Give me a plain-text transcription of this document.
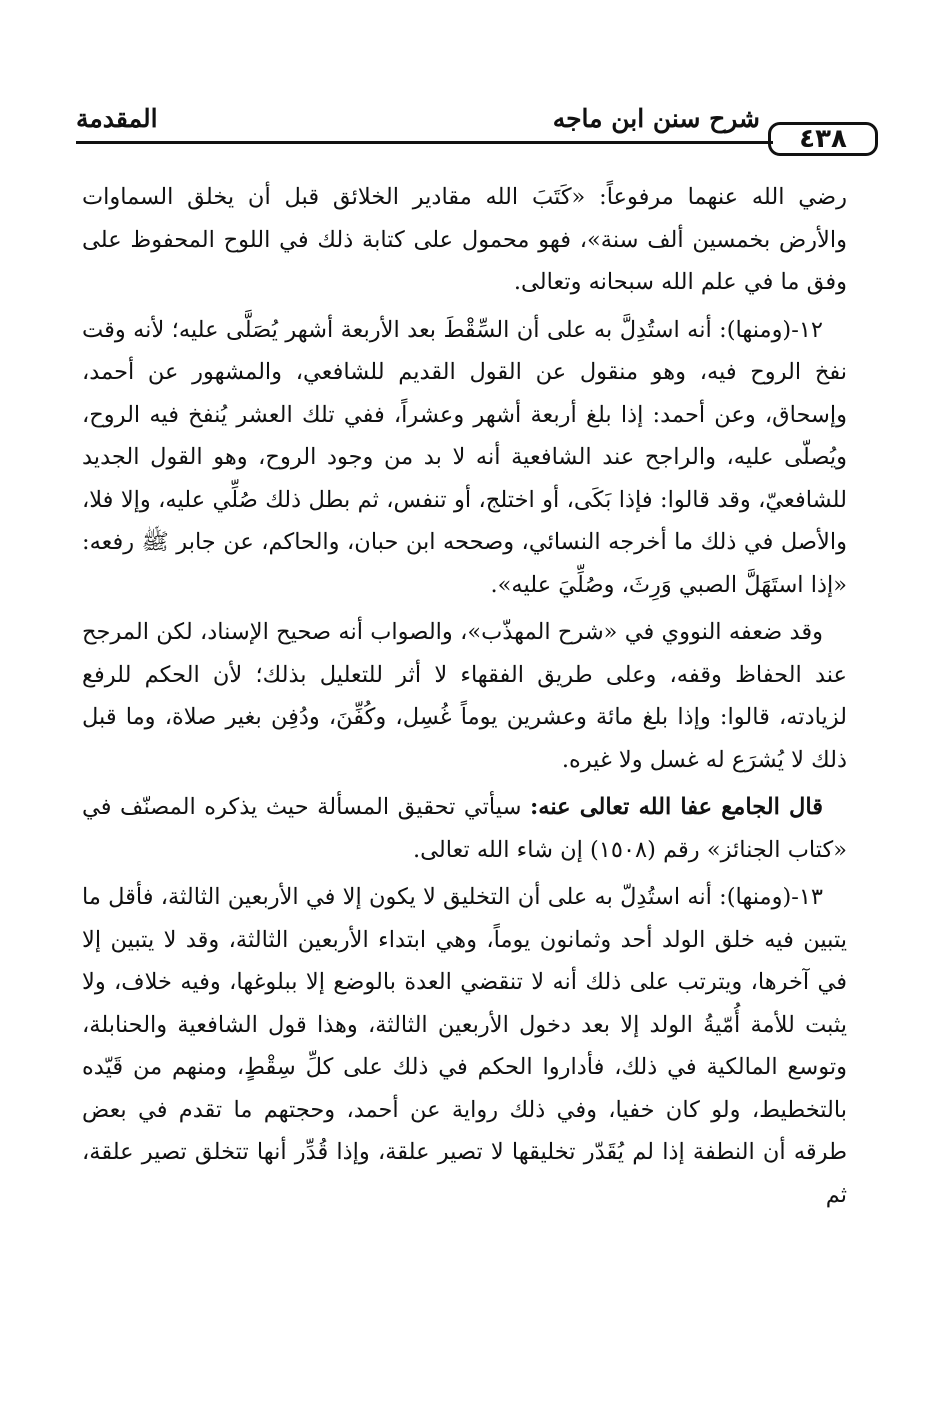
٤٣٨
شرح سنن ابن ماجه
المقدمة

رضي الله عنهما مرفوعاً: «كَتَبَ الله مقادير الخلائق قبل أن يخلق السماوات والأرض بخمسين ألف سنة»، فهو محمول على كتابة ذلك في اللوح المحفوظ على وفق ما في علم الله سبحانه وتعالى.

١٢-(ومنها): أنه استُدِلَّ به على أن السِّقْطَ بعد الأربعة أشهر يُصَلَّى عليه؛ لأنه وقت نفخ الروح فيه، وهو منقول عن القول القديم للشافعي، والمشهور عن أحمد، وإسحاق، وعن أحمد: إذا بلغ أربعة أشهر وعشراً، ففي تلك العشر يُنفخ فيه الروح، ويُصلّى عليه، والراجح عند الشافعية أنه لا بد من وجود الروح، وهو القول الجديد للشافعيّ، وقد قالوا: فإذا بَكَى، أو اختلج، أو تنفس، ثم بطل ذلك صُلِّي عليه، وإلا فلا، والأصل في ذلك ما أخرجه النسائي، وصححه ابن حبان، والحاكم، عن جابر ﷺ رفعه: «إذا استَهَلَّ الصبي وَرِثَ، وصُلِّيَ عليه».

وقد ضعفه النووي في «شرح المهذّب»، والصواب أنه صحيح الإسناد، لكن المرجح عند الحفاظ وقفه، وعلى طريق الفقهاء لا أثر للتعليل بذلك؛ لأن الحكم للرفع لزيادته، قالوا: وإذا بلغ مائة وعشرين يوماً غُسِل، وكُفِّنَ، ودُفِن بغير صلاة، وما قبل ذلك لا يُشرَع له غسل ولا غيره.

قال الجامع عفا الله تعالى عنه: سيأتي تحقيق المسألة حيث يذكره المصنّف في «كتاب الجنائز» رقم (١٥٠٨) إن شاء الله تعالى.

١٣-(ومنها): أنه استُدِلّ به على أن التخليق لا يكون إلا في الأربعين الثالثة، فأقل ما يتبين فيه خلق الولد أحد وثمانون يوماً، وهي ابتداء الأربعين الثالثة، وقد لا يتبين إلا في آخرها، ويترتب على ذلك أنه لا تنقضي العدة بالوضع إلا ببلوغها، وفيه خلاف، ولا يثبت للأمة أُمّيةُ الولد إلا بعد دخول الأربعين الثالثة، وهذا قول الشافعية والحنابلة، وتوسع المالكية في ذلك، فأداروا الحكم في ذلك على كلِّ سِقْطٍ، ومنهم من قَيّده بالتخطيط، ولو كان خفيا، وفي ذلك رواية عن أحمد، وحجتهم ما تقدم في بعض طرقه أن النطفة إذا لم يُقَدّر تخليقها لا تصير علقة، وإذا قُدِّر أنها تتخلق تصير علقة، ثم
